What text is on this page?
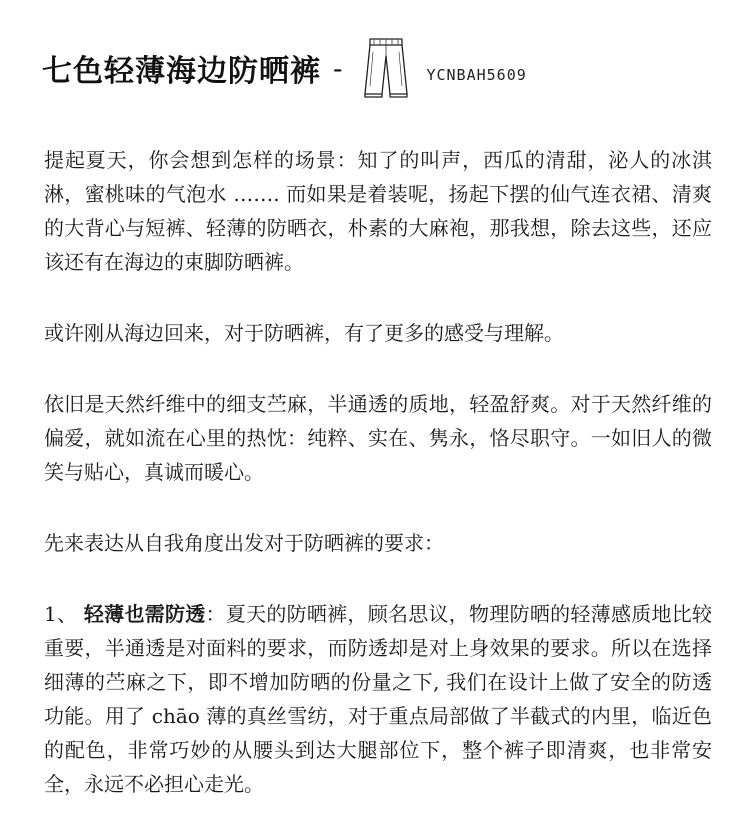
七色轻薄海边防晒裤 -	YCNBAH5609

提起夏天，你会想到怎样的场景：知了的叫声，西瓜的清甜，泌人的冰淇淋，蜜桃味的气泡水 ……. 而如果是着装呢，扬起下摆的仙气连衣裙、清爽的大背心与短裤、轻薄的防晒衣，朴素的大麻袍，那我想，除去这些，还应该还有在海边的束脚防晒裤。

或许刚从海边回来，对于防晒裤，有了更多的感受与理解。

依旧是天然纤维中的细支苎麻，半通透的质地，轻盈舒爽。对于天然纤维的偏爱，就如流在心里的热忱：纯粹、实在、隽永，恪尽职守。一如旧人的微笑与贴心，真诚而暖心。

先来表达从自我角度出发对于防晒裤的要求：

1、 轻薄也需防透：夏天的防晒裤，顾名思议，物理防晒的轻薄感质地比较重要，半通透是对面料的要求，而防透却是对上身效果的要求。所以在选择细薄的苎麻之下，即不增加防晒的份量之下, 我们在设计上做了安全的防透功能。用了 chāo 薄的真丝雪纺，对于重点局部做了半截式的内里，临近色的配色，非常巧妙的从腰头到达大腿部位下，整个裤子即清爽，也非常安全，永远不必担心走光。
